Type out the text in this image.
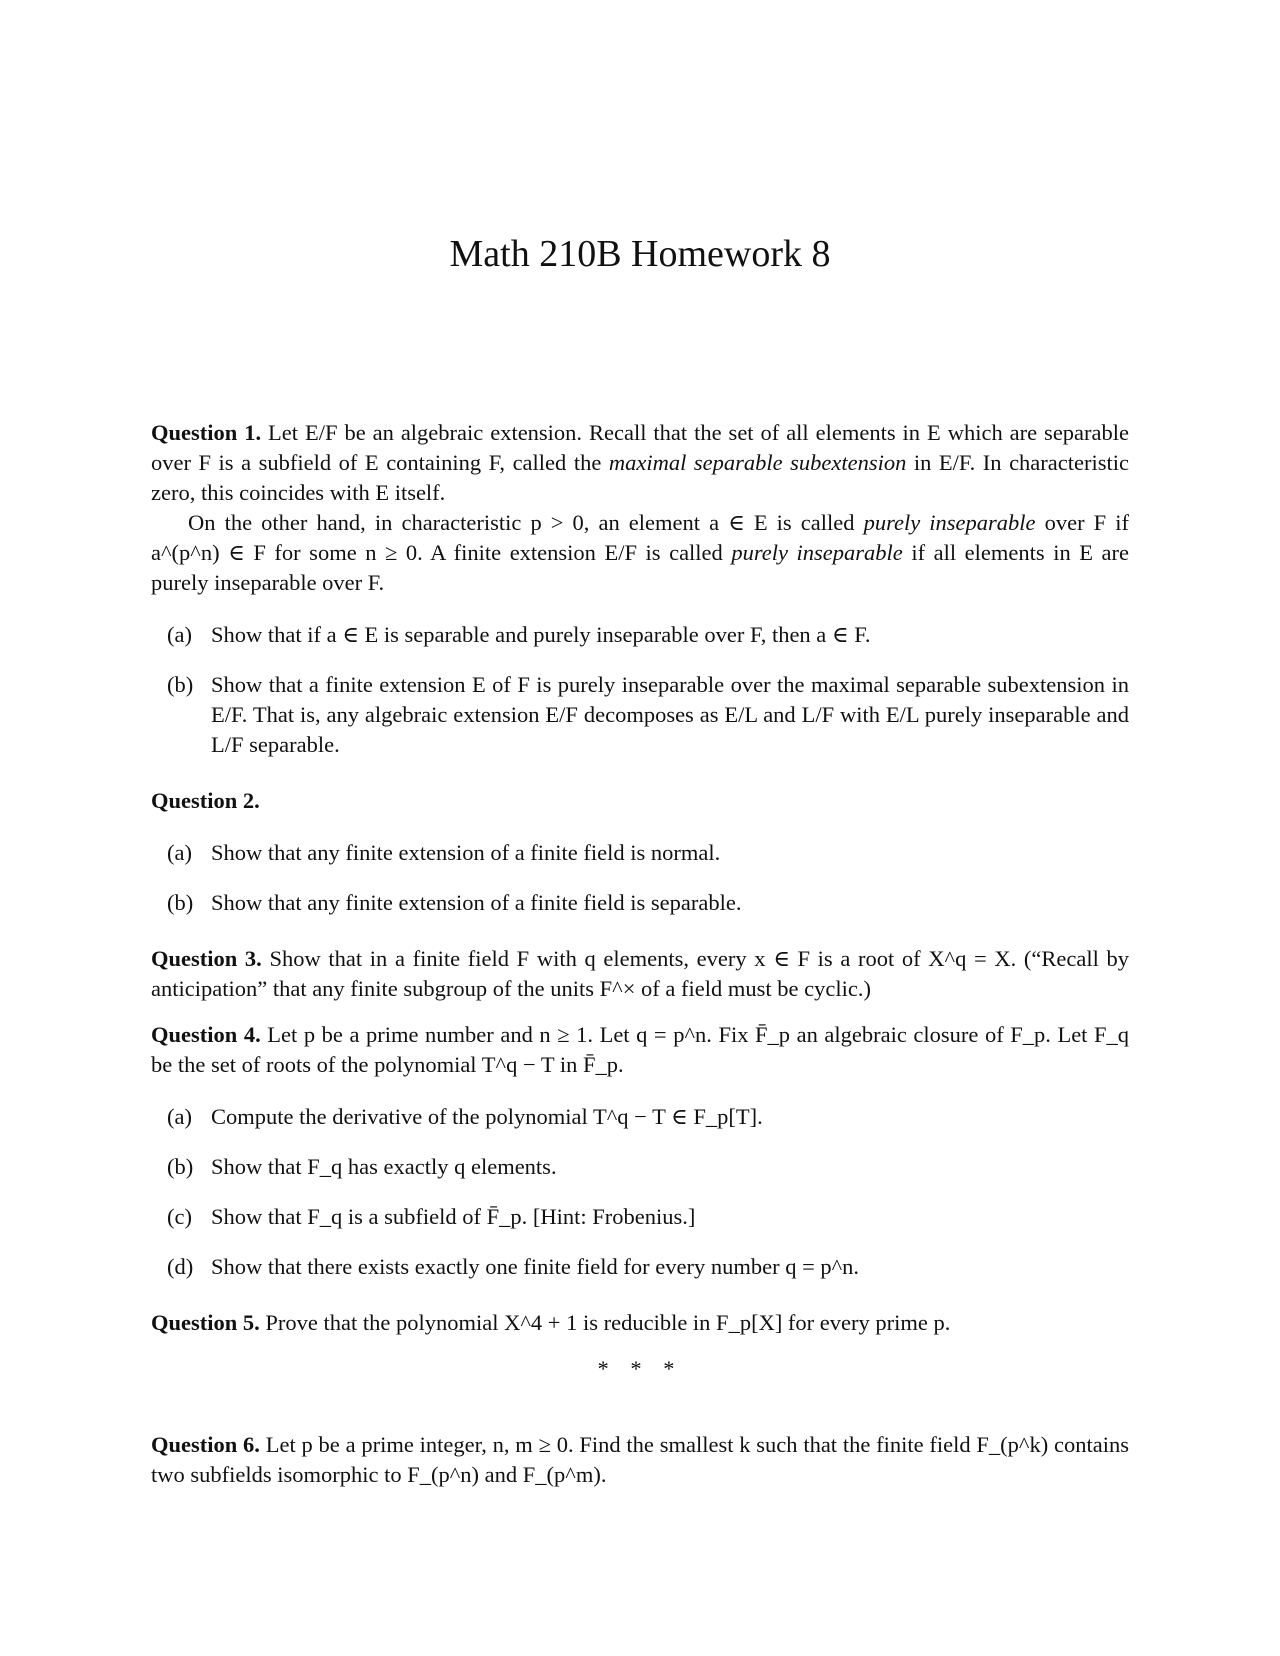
Math 210B Homework 8

Question 1. Let E/F be an algebraic extension. Recall that the set of all elements in E which are separable over F is a subfield of E containing F, called the maximal separable subextension in E/F. In characteristic zero, this coincides with E itself.

On the other hand, in characteristic p > 0, an element a ∈ E is called purely inseparable over F if a^(p^n) ∈ F for some n ≥ 0. A finite extension E/F is called purely inseparable if all elements in E are purely inseparable over F.

(a) Show that if a ∈ E is separable and purely inseparable over F, then a ∈ F.
(b) Show that a finite extension E of F is purely inseparable over the maximal separable subextension in E/F. That is, any algebraic extension E/F decomposes as E/L and L/F with E/L purely inseparable and L/F separable.

Question 2.

(a) Show that any finite extension of a finite field is normal.
(b) Show that any finite extension of a finite field is separable.

Question 3. Show that in a finite field F with q elements, every x ∈ F is a root of X^q = X. (“Recall by anticipation” that any finite subgroup of the units F^× of a field must be cyclic.)

Question 4. Let p be a prime number and n ≥ 1. Let q = p^n. Fix F̄_p an algebraic closure of F_p. Let F_q be the set of roots of the polynomial T^q − T in F̄_p.

(a) Compute the derivative of the polynomial T^q − T ∈ F_p[T].
(b) Show that F_q has exactly q elements.
(c) Show that F_q is a subfield of F̄_p. [Hint: Frobenius.]
(d) Show that there exists exactly one finite field for every number q = p^n.

Question 5. Prove that the polynomial X^4 + 1 is reducible in F_p[X] for every prime p.

* * *

Question 6. Let p be a prime integer, n, m ≥ 0. Find the smallest k such that the finite field F_(p^k) contains two subfields isomorphic to F_(p^n) and F_(p^m).
